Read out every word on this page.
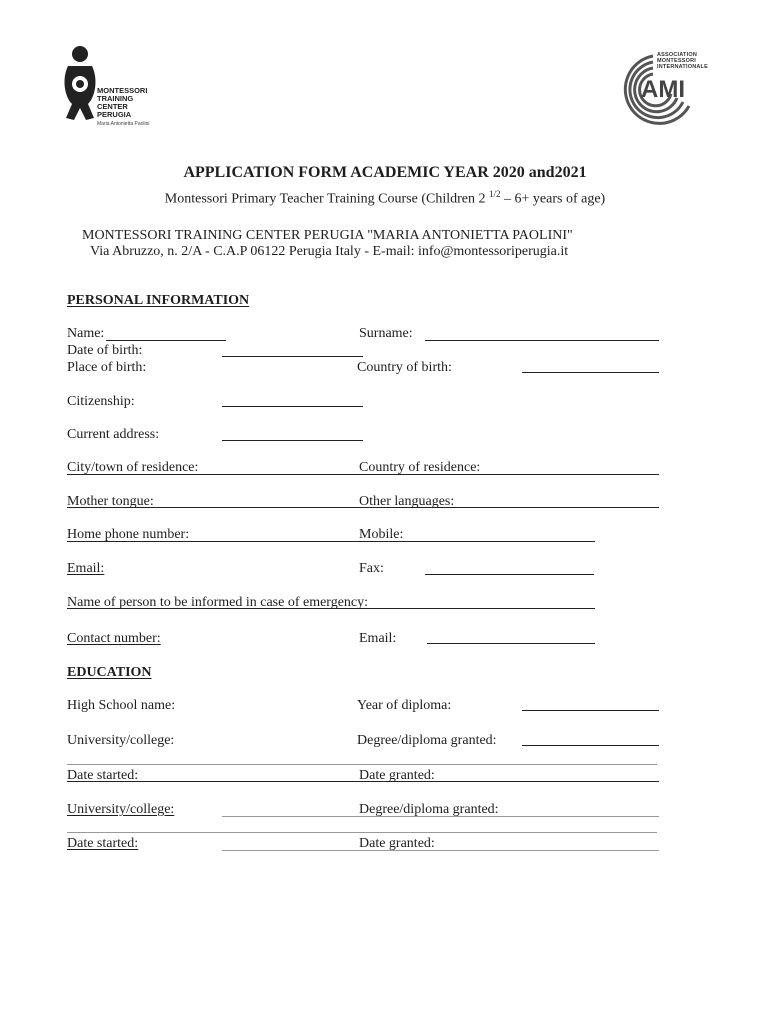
MONTESSORI
TRAINING
CENTER
PERUGIA
Maria Antonietta Paolini
ASSOCIATION
MONTESSORI
INTERNATIONALE
AMI
APPLICATION FORM ACADEMIC YEAR 2020 and2021
Montessori Primary Teacher Training Course (Children 2 $^{1/2}$ – 6+ years of age)
MONTESSORI TRAINING CENTER PERUGIA "MARIA ANTONIETTA PAOLINI"
Via Abruzzo, n. 2/A - C.A.P 06122 Perugia Italy - E-mail: info@montessoriperugia.it
PERSONAL INFORMATION
Name:	Surname:
Date of birth:
Place of birth:	Country of birth:
Citizenship:
Current address:
City/town of residence:	Country of residence:
Mother tongue:	Other languages:
Home phone number:	Mobile:
Email:	Fax:
Name of person to be informed in case of emergency:
Contact number:	Email:
EDUCATION
High School name:	Year of diploma:
University/college:	Degree/diploma granted:
Date started:	Date granted:
University/college:	Degree/diploma granted:
Date started:	Date granted:
